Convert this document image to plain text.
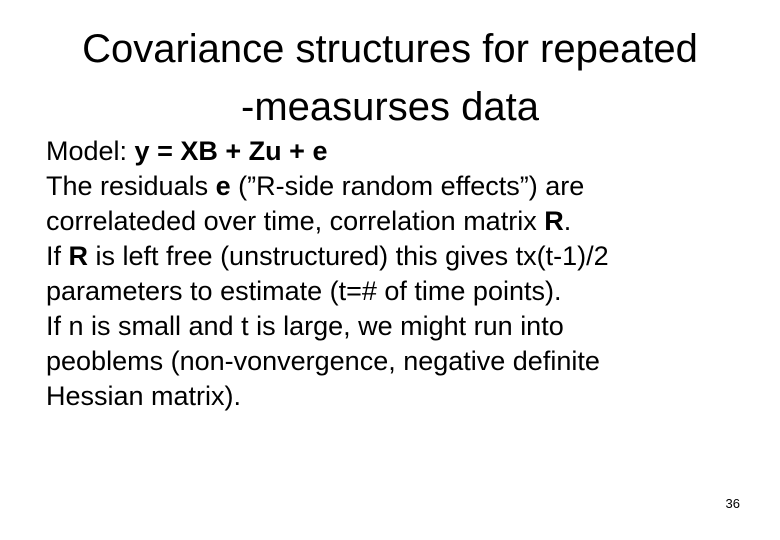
Covariance structures for repeated
-measurses data

Model: y = XB + Zu + e

The residuals e (”R-side random effects”) are
correlateded over time, correlation matrix R.

If R is left free (unstructured) this gives tx(t-1)/2
parameters to estimate (t=# of time points).

If n is small and t is large, we might run into
peoblems (non-vonvergence, negative definite
Hessian matrix).

36
